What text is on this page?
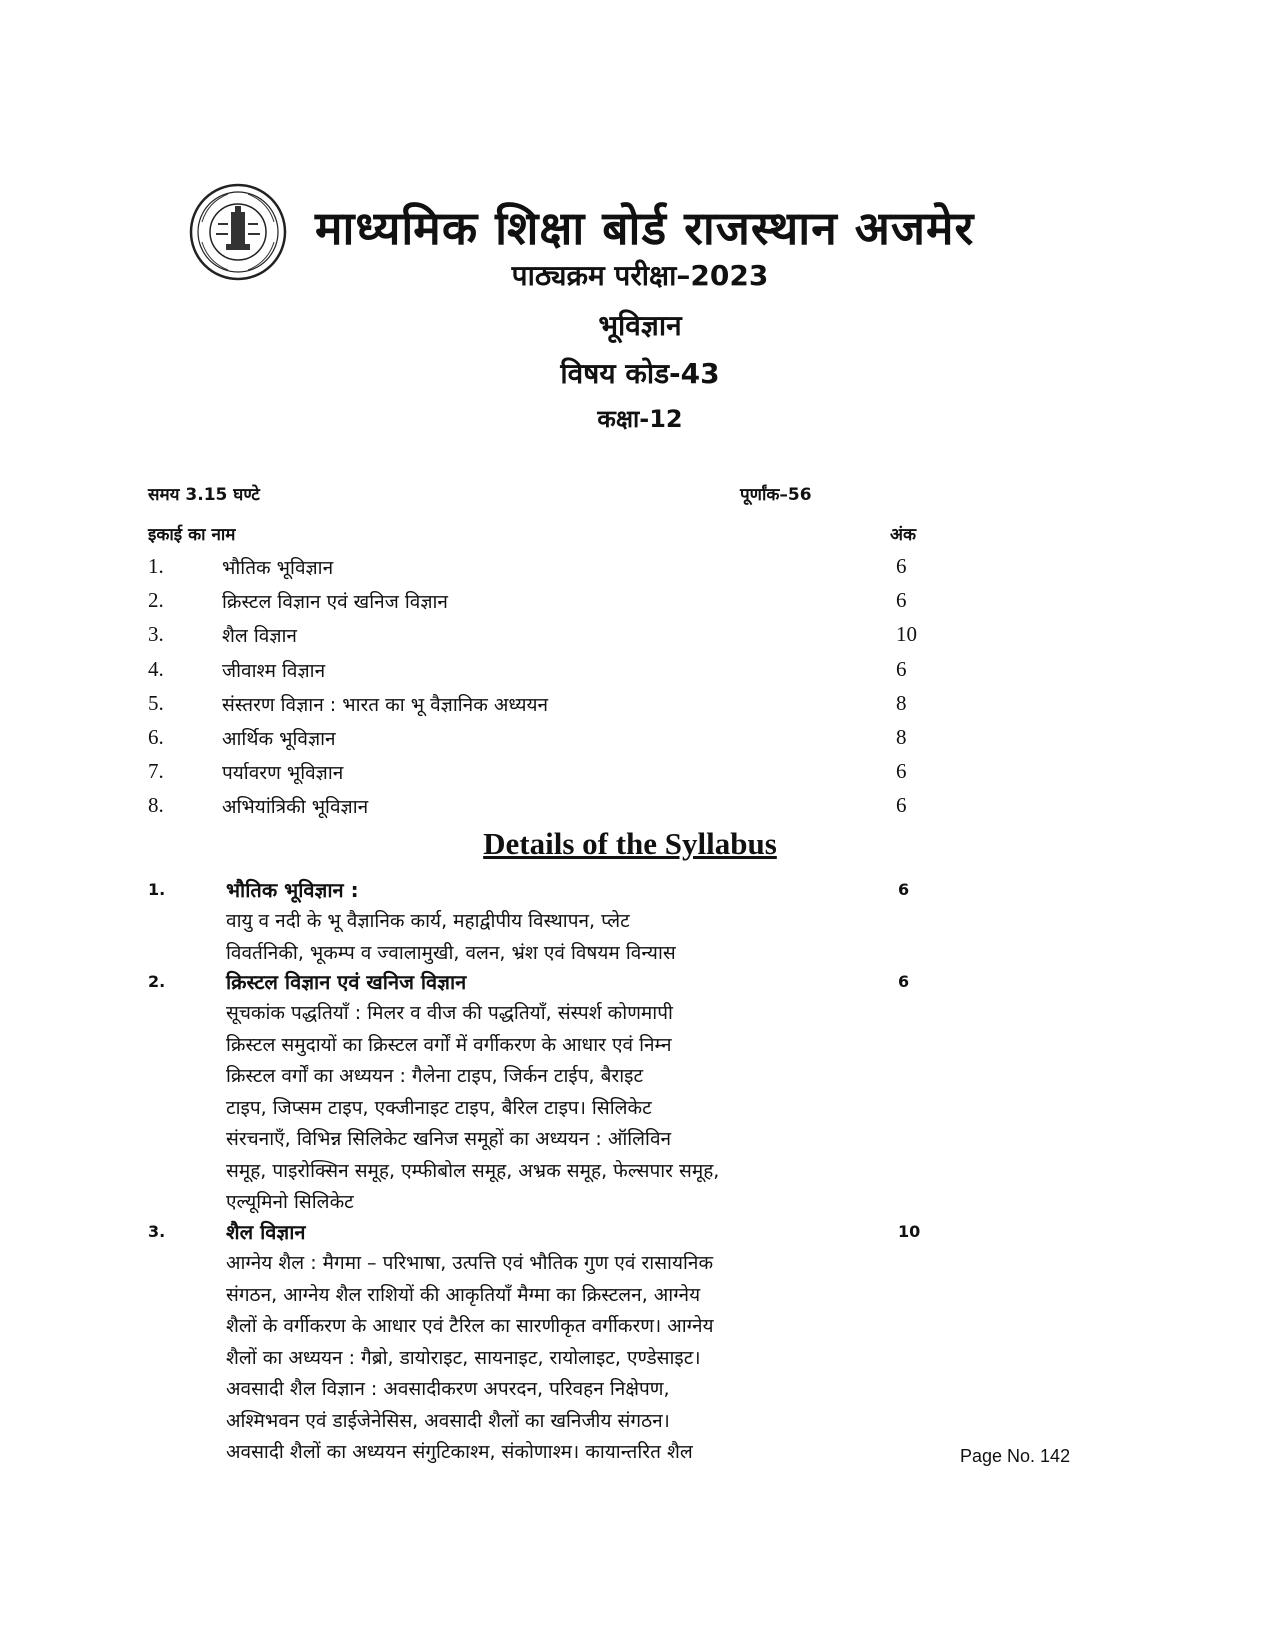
माध्यमिक शिक्षा बोर्ड राजस्थान अजमेर
पाठ्यक्रम परीक्षा–2023
भूविज्ञान
विषय कोड-43
कक्षा-12
समय 3.15 घण्टे	पूर्णांक–56
इकाई का नाम	अंक
1.	भौतिक भूविज्ञान	6
2.	क्रिस्टल विज्ञान एवं खनिज विज्ञान	6
3.	शैल विज्ञान	10
4.	जीवाश्म विज्ञान	6
5.	संस्तरण विज्ञान : भारत का भू वैज्ञानिक अध्ययन	8
6.	आर्थिक भूविज्ञान	8
7.	पर्यावरण भूविज्ञान	6
8.	अभियांत्रिकी भूविज्ञान	6
Details of the Syllabus
1.	भौतिक भूविज्ञान :	6
वायु व नदी के भू वैज्ञानिक कार्य, महाद्वीपीय विस्थापन, प्लेट
विवर्तनिकी, भूकम्प व ज्वालामुखी, वलन, भ्रंश एवं विषयम विन्यास
2.	क्रिस्टल विज्ञान एवं खनिज विज्ञान	6
सूचकांक पद्धतियाँ : मिलर व वीज की पद्धतियाँ, संस्पर्श कोणमापी
क्रिस्टल समुदायों का क्रिस्टल वर्गों में वर्गीकरण के आधार एवं निम्न
क्रिस्टल वर्गों का अध्ययन : गैलेना टाइप, जिर्कन टाईप, बैराइट
टाइप, जिप्सम टाइप, एक्जीनाइट टाइप, बैरिल टाइप। सिलिकेट
संरचनाएँ, विभिन्न सिलिकेट खनिज समूहों का अध्ययन : ऑलिविन
समूह, पाइरोक्सिन समूह, एम्फीबोल समूह, अभ्रक समूह, फेल्सपार समूह,
एल्यूमिनो सिलिकेट
3.	शैल विज्ञान	10
आग्नेय शैल : मैगमा – परिभाषा, उत्पत्ति एवं भौतिक गुण एवं रासायनिक
संगठन, आग्नेय शैल राशियों की आकृतियाँ मैग्मा का क्रिस्टलन, आग्नेय
शैलों के वर्गीकरण के आधार एवं टैरिल का सारणीकृत वर्गीकरण। आग्नेय
शैलों का अध्ययन : गैब्रो, डायोराइट, सायनाइट, रायोलाइट, एण्डेसाइट।
अवसादी शैल विज्ञान : अवसादीकरण अपरदन, परिवहन निक्षेपण,
अश्मिभवन एवं डाईजेनेसिस, अवसादी शैलों का खनिजीय संगठन।
अवसादी शैलों का अध्ययन संगुटिकाश्म, संकोणाश्म। कायान्तरित शैल	Page No. 142
